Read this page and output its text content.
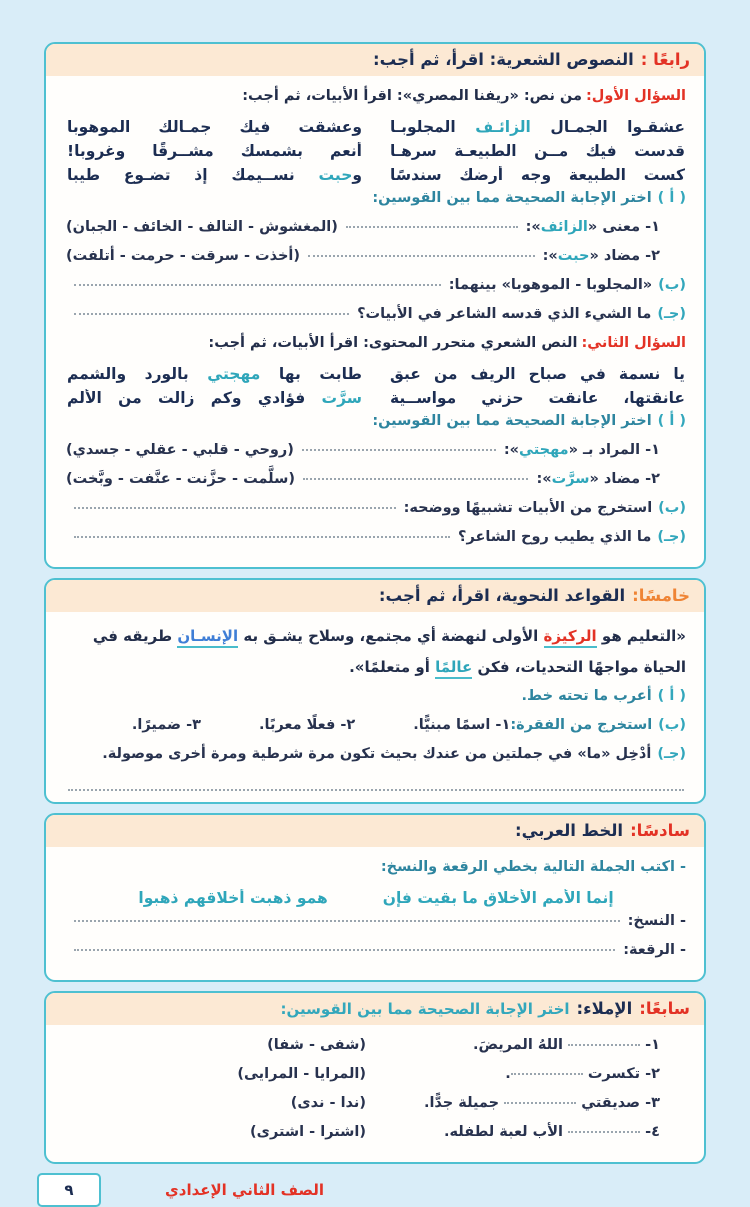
رابعًا :
النصوص الشعرية: اقرأ، ثم أجب:
السؤال الأول:
من نص: «ريفنا المصري»: اقرأ الأبيات، ثم أجب:
عشقـوا الجمـال الزائـف المجلوبـا
وعشقت فيك جمـالك الموهوبا
قدست فيك مــن الطبيعـة سرهـا
أنعم بشمسك مشــرقًا وغروبا!
كست الطبيعة وجه أرضك سندسًا
وحبت نســيمك إذ تضـوع طيبا
( أ )
اختر الإجابة الصحيحة مما بين القوسين:
١- معنى «الزائف»:
(المغشوش - التالف - الخائف - الجبان)
٢- مضاد «حبت»:
(أخذت - سرقت - حرمت - أتلفت)
(ب)
«المجلوبا - الموهوبا» بينهما:
(جـ)
ما الشيء الذي قدسه الشاعر في الأبيات؟
السؤال الثاني:
النص الشعري متحرر المحتوى: اقرأ الأبيات، ثم أجب:
يا نسمة في صباح الريف من عبق
طابت بها مهجتي بالورد والشمم
عانقتها، عانقت حزني مواســية
سرَّت فؤادي وكم زالت من الألم
( أ )
اختر الإجابة الصحيحة مما بين القوسين:
١- المراد بـ «مهجتي»:
(روحي - قلبي - عقلي - جسدي)
٢- مضاد «سرَّت»:
(سلَّمت - حزَّنت - عنَّفت - وبَّخت)
(ب)
استخرج من الأبيات تشبيهًا ووضحه:
(جـ)
ما الذي يطيب روح الشاعر؟
خامسًا:
القواعد النحوية، اقرأ، ثم أجب:
«التعليم هو الركيزة الأولى لنهضة أي مجتمع، وسلاح يشـق به الإنسـان طريقه في الحياة مواجهًا التحديات، فكن عالمًا أو متعلمًا».
( أ )
أعرب ما تحته خط.
(ب)
استخرج من الفقرة:
١- اسمًا مبنيًّا.
٢- فعلًا معربًا.
٣- ضميرًا.
(جـ)
أدْخِل «ما» في جملتين من عندك بحيث تكون مرة شرطية ومرة أخرى موصولة.
سادسًا:
الخط العربي:
- اكتب الجملة التالية بخطي الرقعة والنسخ:
إنما الأمم الأخلاق ما بقيت فإن
همو ذهبت أخلاقهم ذهبوا
- النسخ:
- الرقعة:
سابعًا:
الإملاء:
اختر الإجابة الصحيحة مما بين القوسين:
١-  اللهُ المريضَ.
(شفى - شفا)
٢- تكسرت .
(المرايا - المرايى)
٣- صديقتي  جميلة جدًّا.
(ندا - ندى)
٤-  الأب لعبة لطفله.
(اشترا - اشترى)
٩	الصف الثاني الإعدادي
